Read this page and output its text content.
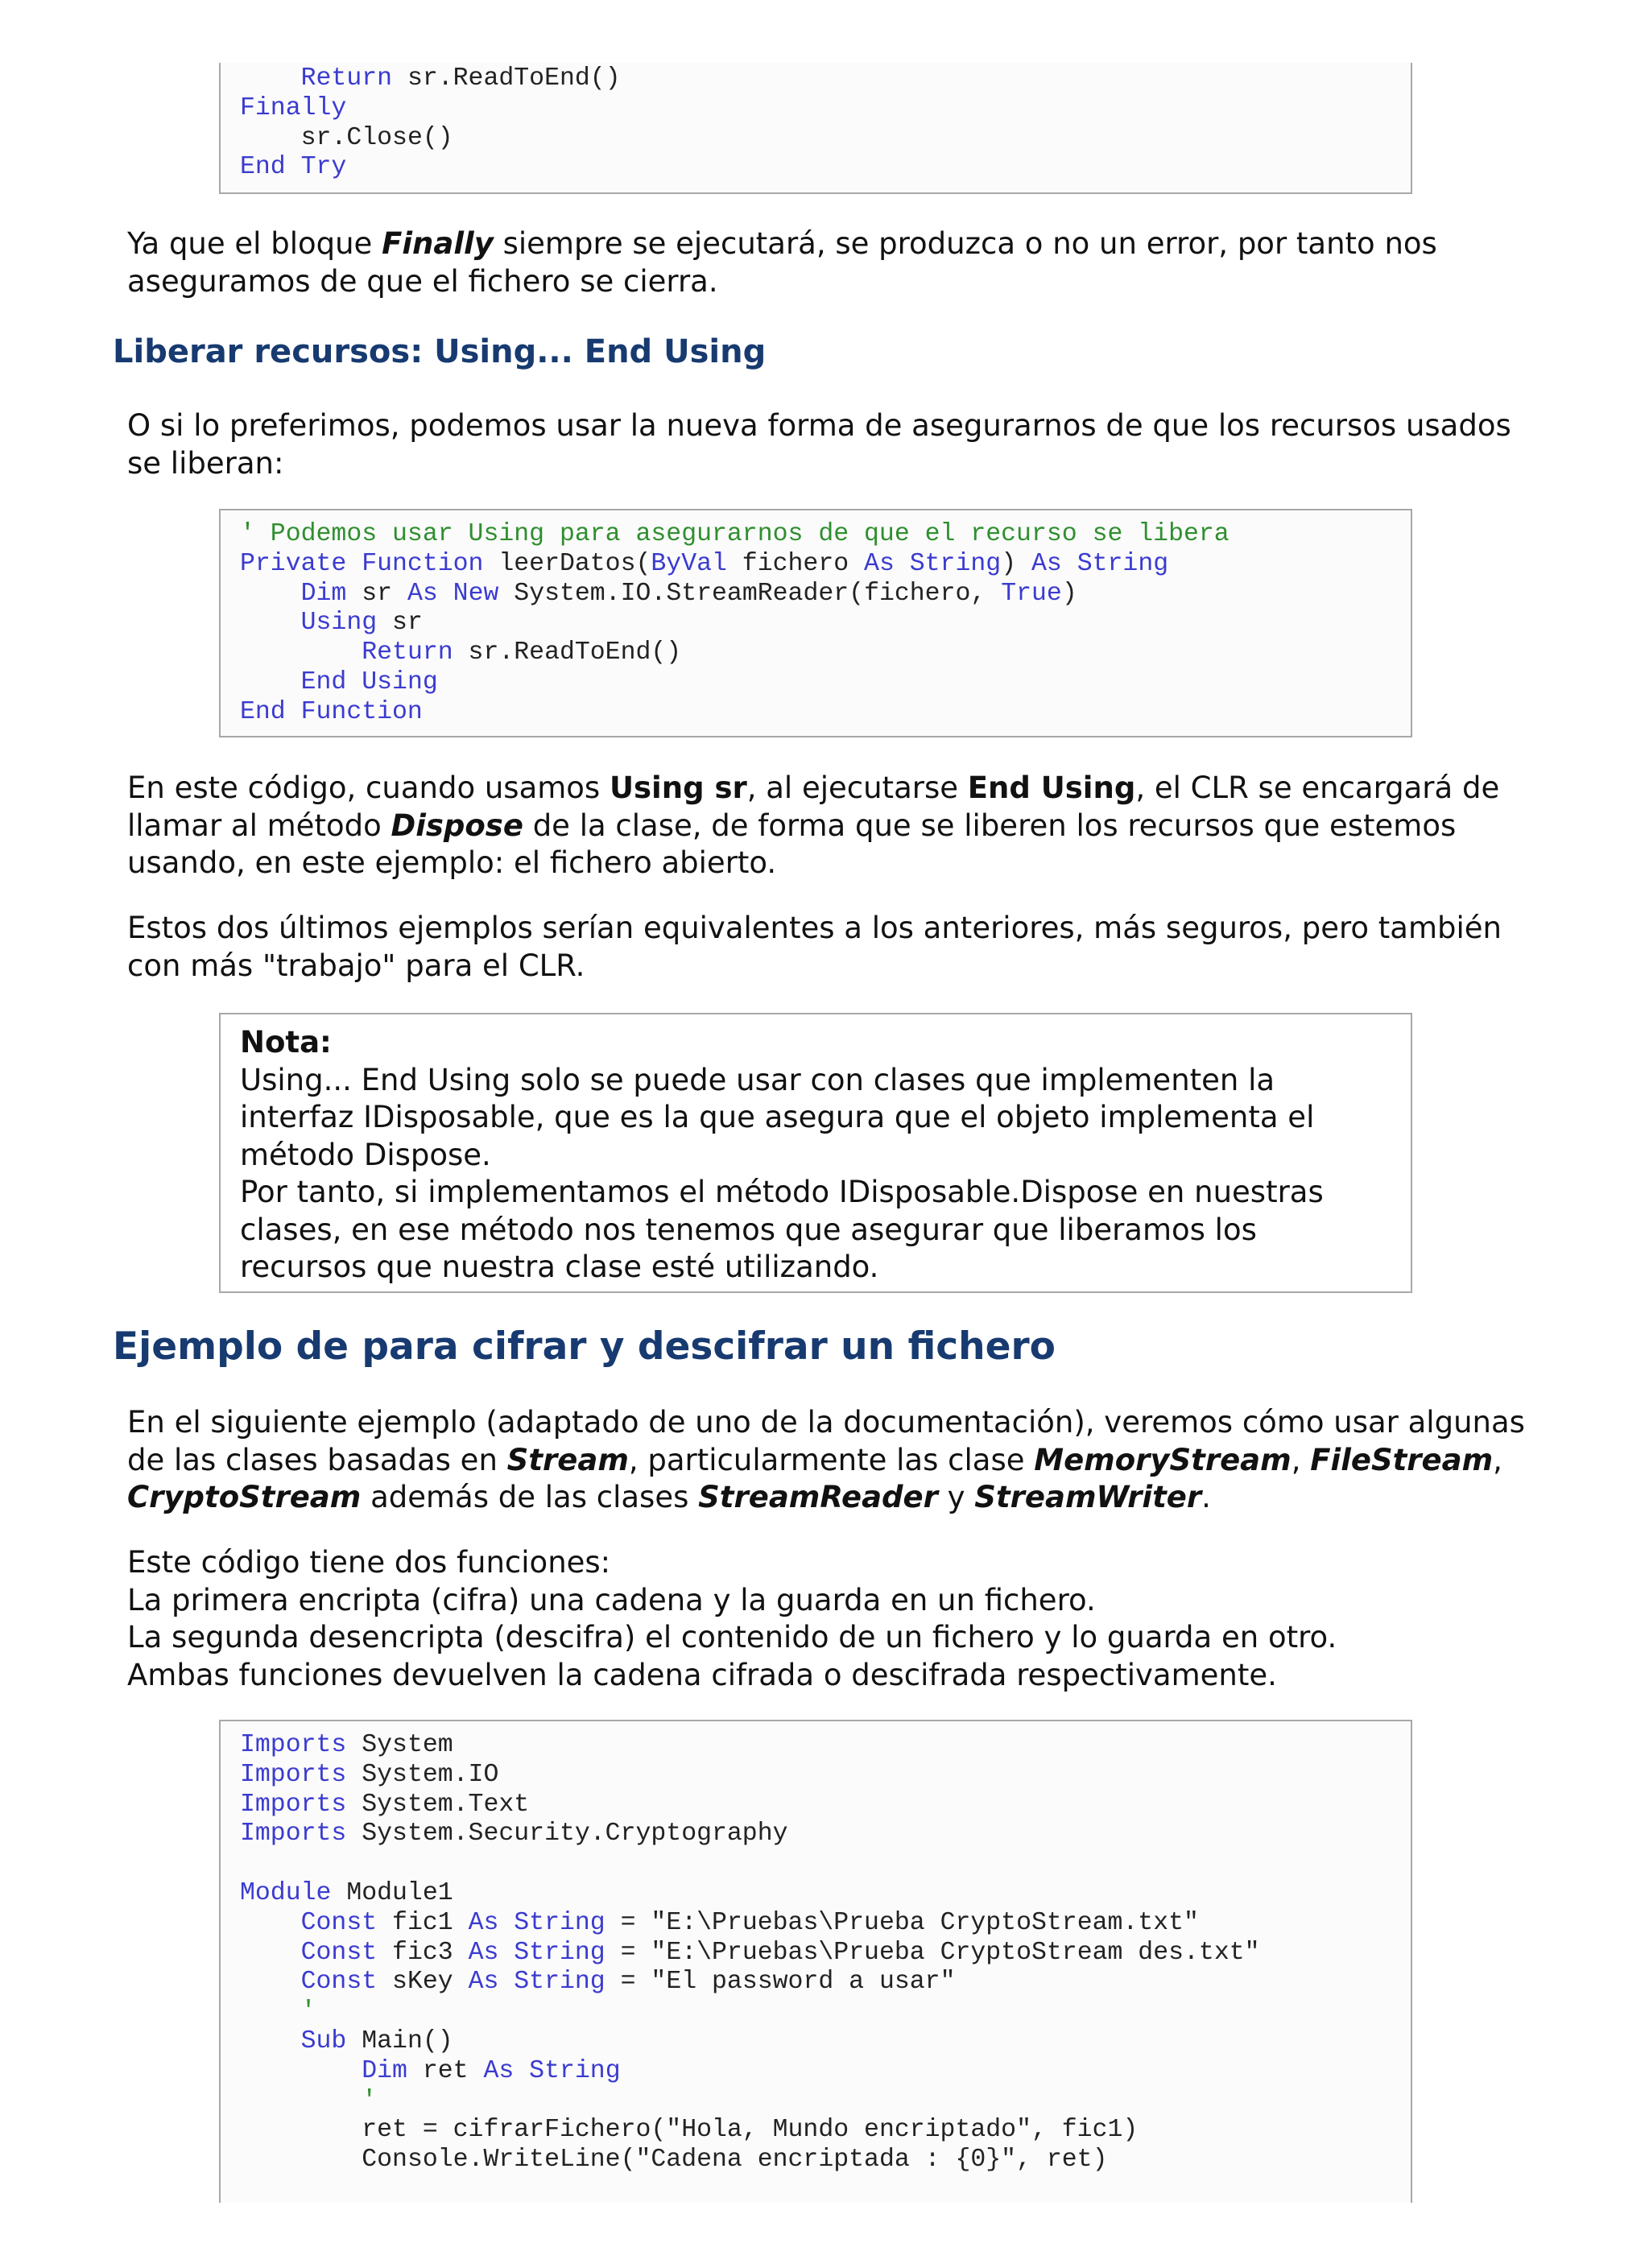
Return sr.ReadToEnd()
Finally
sr.Close()
End Try

Ya que el bloque Finally siempre se ejecutará, se produzca o no un error, por tanto nos aseguramos de que el fichero se cierra.

Liberar recursos: Using... End Using

O si lo preferimos, podemos usar la nueva forma de asegurarnos de que los recursos usados se liberan:

' Podemos usar Using para asegurarnos de que el recurso se libera
Private Function leerDatos(ByVal fichero As String) As String
Dim sr As New System.IO.StreamReader(fichero, True)
Using sr
Return sr.ReadToEnd()
End Using
End Function

En este código, cuando usamos Using sr, al ejecutarse End Using, el CLR se encargará de llamar al método Dispose de la clase, de forma que se liberen los recursos que estemos usando, en este ejemplo: el fichero abierto.

Estos dos últimos ejemplos serían equivalentes a los anteriores, más seguros, pero también con más "trabajo" para el CLR.

Nota:
Using... End Using solo se puede usar con clases que implementen la interfaz IDisposable, que es la que asegura que el objeto implementa el método Dispose.
Por tanto, si implementamos el método IDisposable.Dispose en nuestras clases, en ese método nos tenemos que asegurar que liberamos los recursos que nuestra clase esté utilizando.
Ejemplo de para cifrar y descifrar un fichero

En el siguiente ejemplo (adaptado de uno de la documentación), veremos cómo usar algunas de las clases basadas en Stream, particularmente las clase MemoryStream, FileStream, CryptoStream además de las clases StreamReader y StreamWriter.

Este código tiene dos funciones:

La primera encripta (cifra) una cadena y la guarda en un fichero.

La segunda desencripta (descifra) el contenido de un fichero y lo guarda en otro.

Ambas funciones devuelven la cadena cifrada o descifrada respectivamente.

Imports System
Imports System.IO
Imports System.Text
Imports System.Security.Cryptography

Module Module1
Const fic1 As String = "E:\Pruebas\Prueba CryptoStream.txt"
Const fic3 As String = "E:\Pruebas\Prueba CryptoStream des.txt"
Const sKey As String = "El password a usar"
'
Sub Main()
Dim ret As String
'
ret = cifrarFichero("Hola, Mundo encriptado", fic1)
Console.WriteLine("Cadena encriptada : {0}", ret)
